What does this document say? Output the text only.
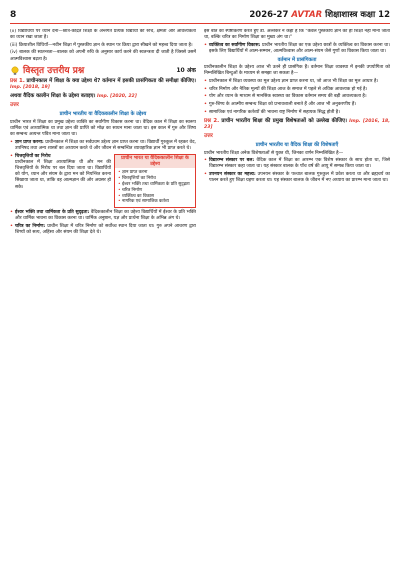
8	2026-27 AVTAR शिक्षाशास्त्र कक्षा 12

(ii) विद्यार्थियों पर ध्यान देना—छात्र-केंद्रित शिक्षा के अन्तर्गत प्रत्येक विद्यार्थी की रुचि, क्षमता और आवश्यकता का ध्यान रखा जाता है।

(iii) क्रियाशील विधियाँ—नवीन शिक्षा में पुस्तकीय ज्ञान के स्थान पर क्रिया द्वारा सीखने को महत्त्व दिया जाता है।

(iv) बालक की स्वतन्त्रता—बालक को अपनी रुचि के अनुसार कार्य करने की स्वतन्त्रता दी जाती है जिससे उसमें आत्मविश्वास बढ़ता है।

विस्तृत उत्तरीय प्रश्न	10 अंक
प्रश्न 1. प्राचीनकाल में शिक्षा के क्या उद्देश्य थे? वर्तमान में इसकी प्रासंगिकता की समीक्षा कीजिए। Imp. [2018, 19]
अथवा वैदिक कालीन शिक्षा के उद्देश्य बताइए। Imp. [2020, 22]

उत्तर

प्राचीन भारतीय या वैदिककालीन शिक्षा के उद्देश्य

प्राचीन भारत में शिक्षा का प्रमुख उद्देश्य व्यक्ति का सर्वांगीण विकास करना था। वैदिक काल में शिक्षा का स्वरूप धार्मिक एवं आध्यात्मिक था तथा ज्ञान की प्राप्ति को मोक्ष का साधन माना जाता था। इस काल में गुरु और शिष्य का सम्बन्ध अत्यन्त पवित्र माना जाता था।

• ज्ञान प्राप्त करना: प्राचीनकाल में शिक्षा का सर्वप्रथम उद्देश्य ज्ञान प्राप्त करना था। विद्यार्थी गुरुकुल में रहकर वेद, उपनिषद तथा अन्य शास्त्रों का अध्ययन करते थे और जीवन से सम्बन्धित व्यावहारिक ज्ञान भी प्राप्त करते थे।
• चित्तवृत्तियों का निरोध
प्राचीनकाल में शिक्षा आध्यात्मिक थी और मन की चित्तवृत्तियों के निरोध पर बल दिया जाता था। विद्यार्थियों को योग, ध्यान और संयम के द्वारा मन को नियन्त्रित करना सिखाया जाता था, ताकि वह आत्मज्ञान की ओर अग्रसर हो सके।
प्राचीन भारत या वैदिककालीन शिक्षा के उद्देश्य
• ज्ञान प्राप्त करना
• चित्तवृत्तियों का निरोध
• ईश्वर भक्ति तथा धार्मिकता के प्रति सुदृढ़ता
• चरित्र निर्माण
• व्यक्तित्व का विकास
• नागरिक एवं सामाजिक कर्तव्य
• ईश्वर भक्ति तथा धार्मिकता के प्रति सुदृढ़ता: वैदिककालीन शिक्षा का उद्देश्य विद्यार्थियों में ईश्वर के प्रति भक्ति और धार्मिक भावना का विकास करना था। धार्मिक अनुष्ठान, यज्ञ और प्रार्थना शिक्षा के अभिन्न अंग थे।
• चरित्र का निर्माण: प्राचीन शिक्षा में चरित्र निर्माण को सर्वोच्च स्थान दिया जाता था। गुरु अपने आचरण द्वारा शिष्यों को सत्य, अहिंसा और संयम की शिक्षा देते थे।

इस बात का स्पष्टीकरण करते हुए डॉ. अल्तेकर ने कहा है कि "केवल पुस्तकीय ज्ञान को ही शिक्षा नहीं माना जाता था, बल्कि चरित्र का निर्माण शिक्षा का मुख्य अंग था।"

• व्यक्तित्व का सर्वांगीण विकास: प्राचीन भारतीय शिक्षा का एक उद्देश्य छात्रों के व्यक्तित्व का विकास करना था। इसके लिए विद्यार्थियों में आत्म-सम्मान, आत्मविश्वास और आत्म-संयम जैसे गुणों का विकास किया जाता था।
वर्तमान में प्रासंगिकता

प्राचीनकालीन शिक्षा के उद्देश्य आज भी उतने ही प्रासंगिक हैं। वर्तमान शिक्षा व्यवस्था में इनकी उपयोगिता को निम्नलिखित बिन्दुओं के माध्यम से समझा जा सकता है—

• प्राचीनकाल में शिक्षा व्यवस्था का मूल उद्देश्य ज्ञान प्राप्त करना था, जो आज भी शिक्षा का मूल आधार है।
• चरित्र निर्माण और नैतिक मूल्यों की शिक्षा आज के समाज में पहले से अधिक आवश्यक हो गई है।
• योग और ध्यान के माध्यम से मानसिक स्वास्थ्य का विकास वर्तमान समय की बड़ी आवश्यकता है।
• गुरु-शिष्य के आत्मीय सम्बन्ध शिक्षा को प्रभावशाली बनाते हैं और आज भी अनुकरणीय हैं।
• सामाजिक एवं नागरिक कर्तव्यों की भावना राष्ट्र निर्माण में सहायक सिद्ध होती है।
प्रश्न 2. प्राचीन भारतीय शिक्षा की प्रमुख विशेषताओं को उल्लेख कीजिए। Imp. [2016, 18, 23]

उत्तर

प्राचीन भारतीय या वैदिक शिक्षा की विशेषताएँ

प्राचीन भारतीय शिक्षा अनेक विशेषताओं से युक्त थी, जिनका वर्णन निम्नलिखित है—

• विद्यारम्भ संस्कार पर बल: वैदिक काल में शिक्षा का आरम्भ एक विशेष संस्कार के साथ होता था, जिसे विद्यारम्भ संस्कार कहा जाता था। यह संस्कार बालक के पाँच वर्ष की आयु में सम्पन्न किया जाता था।
• उपनयन संस्कार का महत्त्व: उपनयन संस्कार के पश्चात बालक गुरुकुल में प्रवेश करता था और ब्रह्मचर्य का पालन करते हुए शिक्षा ग्रहण करता था। यह संस्कार बालक के जीवन में नए अध्याय का प्रारम्भ माना जाता था।
